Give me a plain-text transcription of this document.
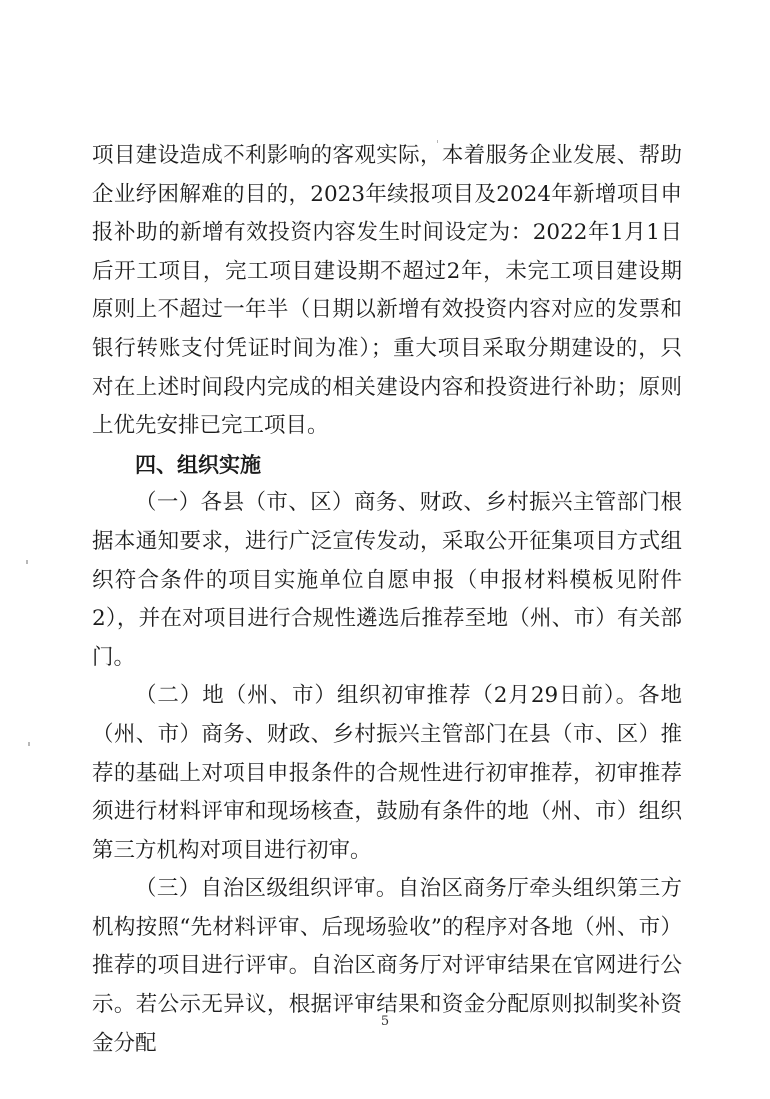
项目建设造成不利影响的客观实际，本着服务企业发展、帮助企业纾困解难的目的，2023年续报项目及2024年新增项目申报补助的新增有效投资内容发生时间设定为：2022年1月1日后开工项目，完工项目建设期不超过2年，未完工项目建设期原则上不超过一年半（日期以新增有效投资内容对应的发票和银行转账支付凭证时间为准）；重大项目采取分期建设的，只对在上述时间段内完成的相关建设内容和投资进行补助；原则上优先安排已完工项目。

四、组织实施

（一）各县（市、区）商务、财政、乡村振兴主管部门根据本通知要求，进行广泛宣传发动，采取公开征集项目方式组织符合条件的项目实施单位自愿申报（申报材料模板见附件2），并在对项目进行合规性遴选后推荐至地（州、市）有关部门。

（二）地（州、市）组织初审推荐（2月29日前）。各地（州、市）商务、财政、乡村振兴主管部门在县（市、区）推荐的基础上对项目申报条件的合规性进行初审推荐，初审推荐须进行材料评审和现场核查，鼓励有条件的地（州、市）组织第三方机构对项目进行初审。

（三）自治区级组织评审。自治区商务厅牵头组织第三方机构按照“先材料评审、后现场验收”的程序对各地（州、市）推荐的项目进行评审。自治区商务厅对评审结果在官网进行公示。若公示无异议，根据评审结果和资金分配原则拟制奖补资金分配

5
